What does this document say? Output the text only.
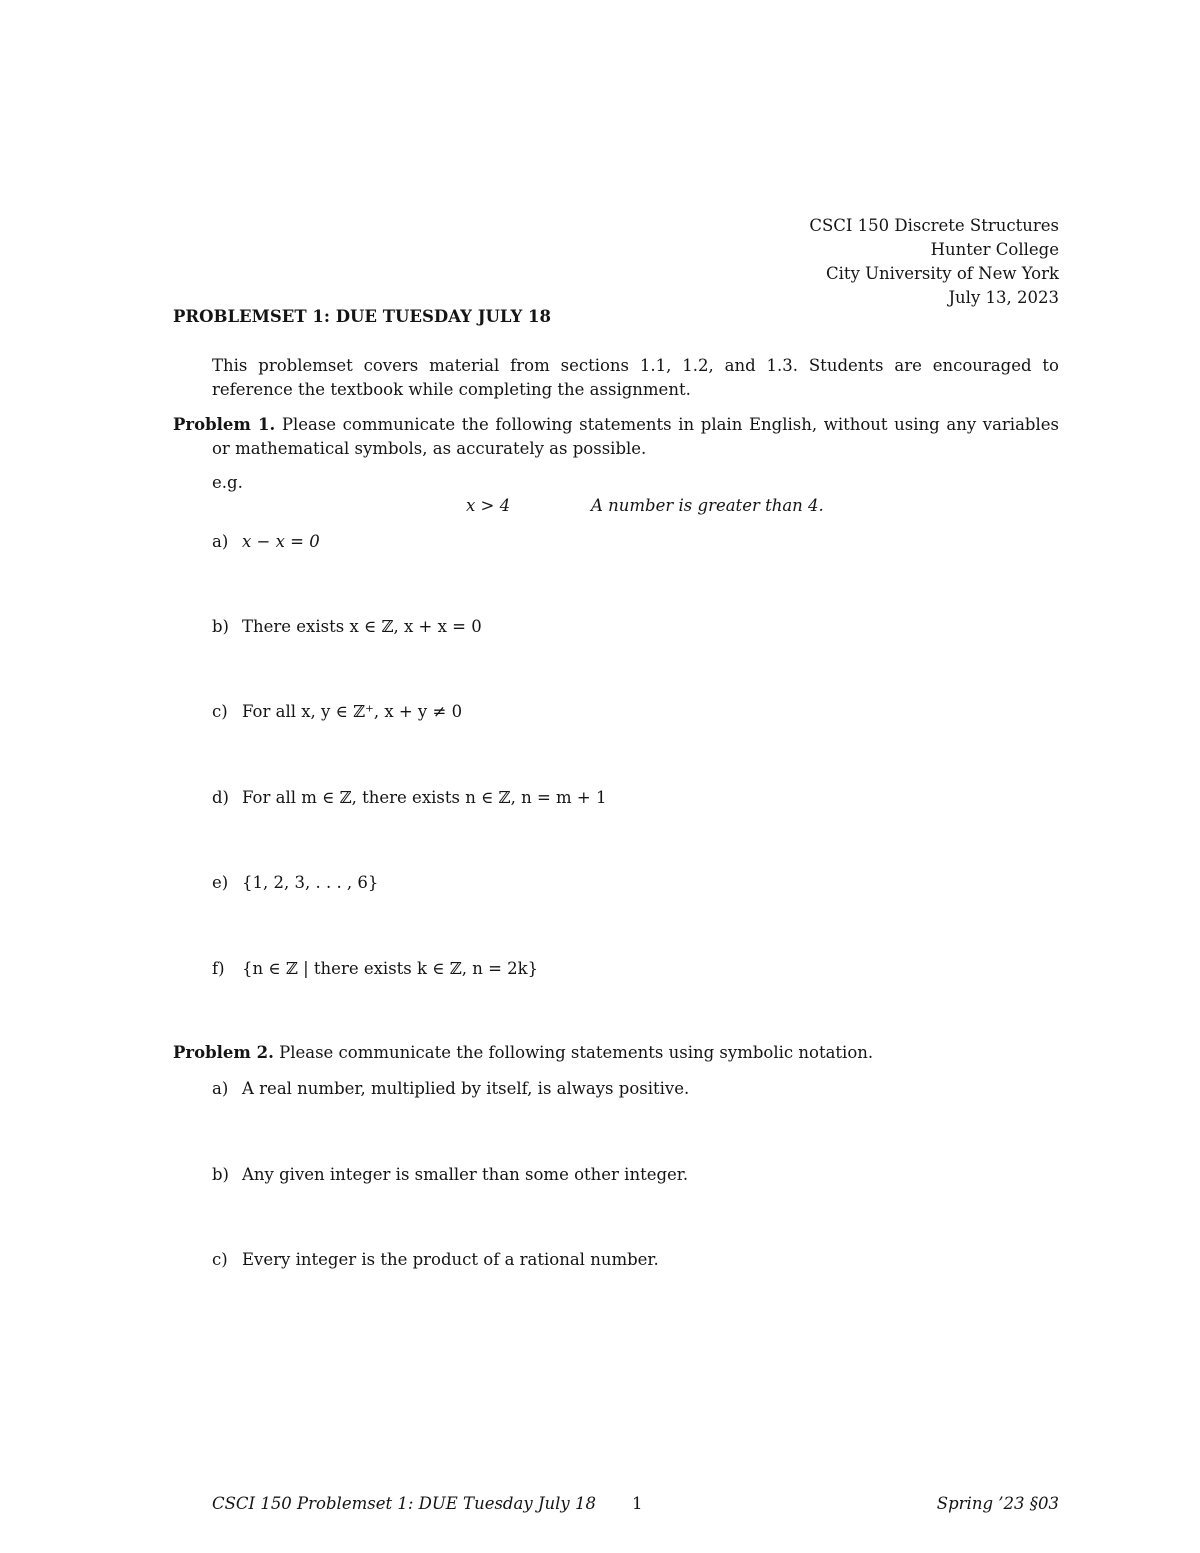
CSCI 150 Discrete Structures
Hunter College
City University of New York
July 13, 2023
PROBLEMSET 1: DUE TUESDAY JULY 18
This problemset covers material from sections 1.1, 1.2, and 1.3. Students are encouraged to reference the textbook while completing the assignment.
Problem 1. Please communicate the following statements in plain English, without using any variables or mathematical symbols, as accurately as possible.
e.g.
x > 4	A number is greater than 4.
a) x − x = 0
b) There exists x ∈ ℤ, x + x = 0
c) For all x, y ∈ ℤ⁺, x + y ≠ 0
d) For all m ∈ ℤ, there exists n ∈ ℤ, n = m + 1
e) {1, 2, 3, . . . , 6}
f) {n ∈ ℤ | there exists k ∈ ℤ, n = 2k}
Problem 2. Please communicate the following statements using symbolic notation.
a) A real number, multiplied by itself, is always positive.
b) Any given integer is smaller than some other integer.
c) Every integer is the product of a rational number.
CSCI 150 Problemset 1: DUE Tuesday July 18 1	Spring ’23 §03
